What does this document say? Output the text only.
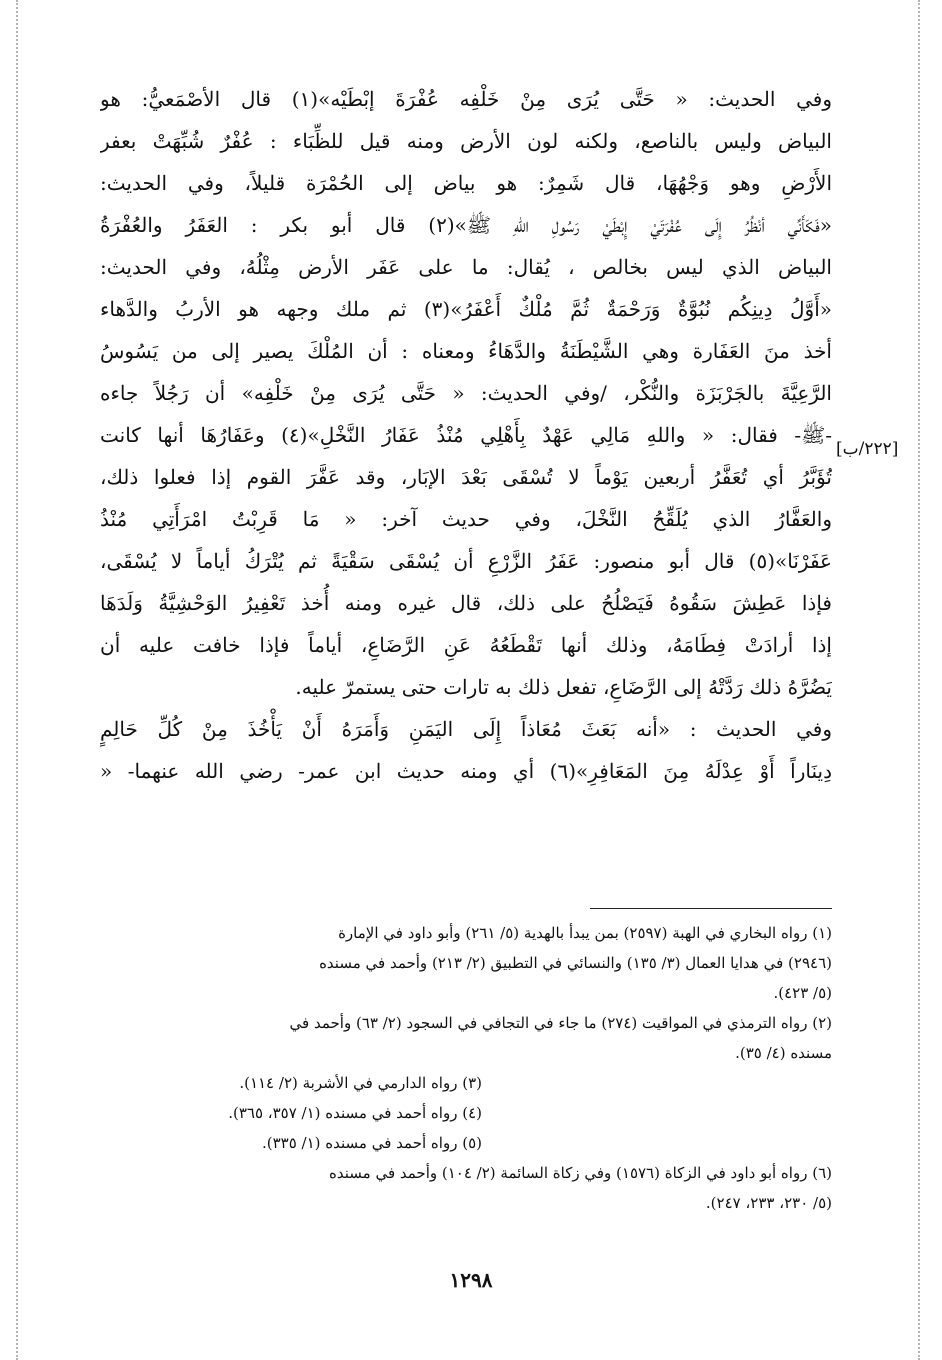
وفي الحديث: « حَتَّى يُرَى مِنْ خَلْفِه عُفْرَةَ إبْطَيْه»(١) قال الأصْمَعيُّ: هو
البياض وليس بالناصع، ولكنه لون الأرض ومنه قيل للظِّبَاء : عُفْرٌ شُبِّهَتْ بعفر
الأَرْضِ وهو وَجْهُهَا، قال شَمِرٌ: هو بياض إلى الحُمْرَة قليلاً، وفي الحديث:
«فَكَأَنِّي أنْظُرُ إِلَى عُفْرَتَيْ إِبْطَيْ رَسُولِ اللهِ ﷺ»(٢) قال أبو بكر : العَفَرُ والعُفْرَةُ
البياض الذي ليس بخالص ، يُقال: ما على عَفَر الأرض مِثْلُهُ، وفي الحديث:
«أَوَّلُ دِينِكُم نُبُوَّةٌ وَرَحْمَةٌ ثُمَّ مُلْكٌ أَعْفَرُ»(٣) ثم ملك وجهه هو الأربُ والدَّهاء
أخذ منَ العَفَارة وهي الشَّيْطَنَةُ والدَّهَاءُ ومعناه : أن المُلْكَ يصير إلى من يَسُوسُ
الرَّعِيَّةَ بالجَرْبَزَة والنُّكْر، /وفي الحديث: « حَتَّى يُرَى مِنْ خَلْفِه» أن رَجُلاً جاءه
-ﷺ- فقال: « واللهِ مَالِي عَهْدٌ بِأَهْلِي مُنْذُ عَفَارُ النَّخْلِ»(٤) وعَفَارُهَا أنها كانت
تُؤَبَّرُ أي تُعَفَّرُ أربعين يَوْماً لا تُسْقَى بَعْدَ الإبَار، وقد عَفَّرَ القوم إذا فعلوا ذلك،
والعَفَّارُ الذي يُلَقِّحُ النَّخْلَ، وفي حديث آخر: « مَا قَرِبْتُ امْرَأَتِي مُنْذُ
عَفَرْنَا»(٥) قال أبو منصور: عَفَرُ الزَّرْعِ أن يُسْقَى سَقْيَةً ثم يُتْرَكُ أياماً لا يُسْقَى،
فإذا عَطِشَ سَقُوهُ فَيَصْلُحُ على ذلك، قال غيره ومنه أُخذ تَعْفِيرُ الوَحْشِيَّةُ وَلَدَهَا
إذا أرادَتْ فِطَامَهُ، وذلك أنها تَقْطَعُهُ عَنِ الرَّضَاعِ، أياماً فإذا خافت عليه أن
يَضُرَّهُ ذلك رَدَّتْهُ إلى الرَّضَاعِ، تفعل ذلك به تارات حتى يستمرّ عليه.
وفي الحديث : «أنه بَعَثَ مُعَاذاً إِلَى اليَمَنِ وَأَمَرَهُ أَنْ يَأْخُذَ مِنْ كُلِّ حَالِمٍ
دِينَاراً أَوْ عِدْلَهُ مِنَ المَعَافِرِ»(٦) أي ومنه حديث ابن عمر- رضي الله عنهما- «
[٢٢٢/ب]
(١) رواه البخاري في الهبة (٢٥٩٧) بمن يبدأ بالهدية (٥/ ٢٦١) وأبو داود في الإمارة
(٢٩٤٦) في هدايا العمال (٣/ ١٣٥) والنسائي في التطبيق (٢/ ٢١٣) وأحمد في مسنده
(٥/ ٤٢٣).
(٢) رواه الترمذي في المواقيت (٢٧٤) ما جاء في التجافي في السجود (٢/ ٦٣) وأحمد في
مسنده (٤/ ٣٥).
(٣) رواه الدارمي في الأشربة (٢/ ١١٤).
(٤) رواه أحمد في مسنده (١/ ٣٥٧، ٣٦٥).
(٥) رواه أحمد في مسنده (١/ ٣٣٥).
(٦) رواه أبو داود في الزكاة (١٥٧٦) وفي زكاة السائمة (٢/ ١٠٤) وأحمد في مسنده
(٥/ ٢٣٠، ٢٣٣، ٢٤٧).
١٢٩٨
